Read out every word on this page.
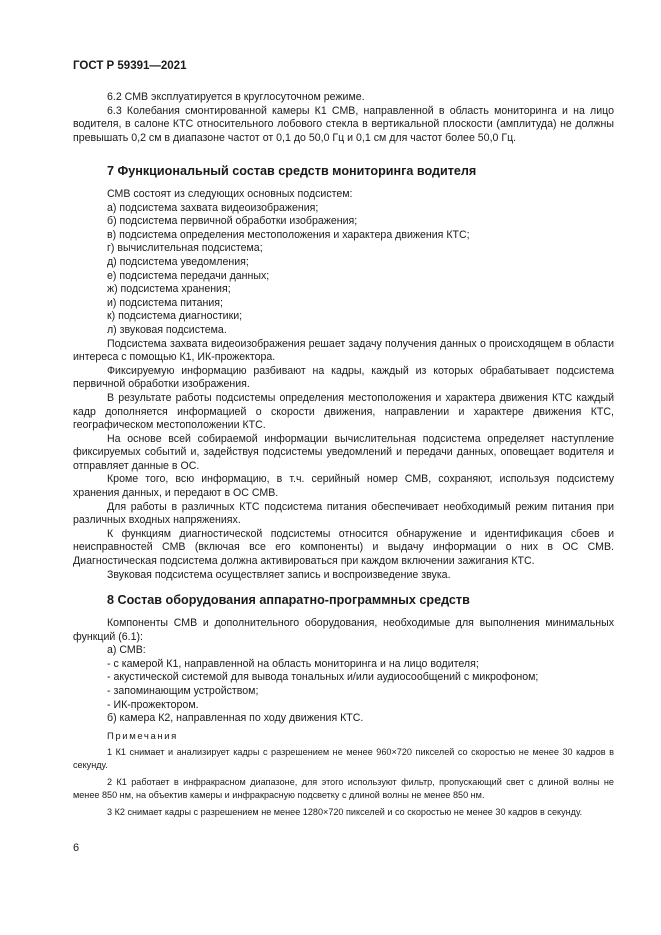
ГОСТ Р 59391—2021

6.2 СМВ эксплуатируется в круглосуточном режиме.

6.3 Колебания смонтированной камеры К1 СМВ, направленной в область мониторинга и на лицо водителя, в салоне КТС относительного лобового стекла в вертикальной плоскости (амплитуда) не должны превышать 0,2 см в диапазоне частот от 0,1 до 50,0 Гц и 0,1 см для частот более 50,0 Гц.

7 Функциональный состав средств мониторинга водителя

СМВ состоят из следующих основных подсистем:

а) подсистема захвата видеоизображения;

б) подсистема первичной обработки изображения;

в) подсистема определения местоположения и характера движения КТС;

г) вычислительная подсистема;

д) подсистема уведомления;

е) подсистема передачи данных;

ж) подсистема хранения;

и) подсистема питания;

к) подсистема диагностики;

л) звуковая подсистема.

Подсистема захвата видеоизображения решает задачу получения данных о происходящем в области интереса с помощью К1, ИК-прожектора.

Фиксируемую информацию разбивают на кадры, каждый из которых обрабатывает подсистема первичной обработки изображения.

В результате работы подсистемы определения местоположения и характера движения КТС каждый кадр дополняется информацией о скорости движения, направлении и характере движения КТС, географическом местоположении КТС.

На основе всей собираемой информации вычислительная подсистема определяет наступление фиксируемых событий и, задействуя подсистемы уведомлений и передачи данных, оповещает водителя и отправляет данные в ОС.

Кроме того, всю информацию, в т.ч. серийный номер СМВ, сохраняют, используя подсистему хранения данных, и передают в ОС СМВ.

Для работы в различных КТС подсистема питания обеспечивает необходимый режим питания при различных входных напряжениях.

К функциям диагностической подсистемы относится обнаружение и идентификация сбоев и неисправностей СМВ (включая все его компоненты) и выдачу информации о них в ОС СМВ. Диагностическая подсистема должна активироваться при каждом включении зажигания КТС.

Звуковая подсистема осуществляет запись и воспроизведение звука.

8 Состав оборудования аппаратно-программных средств

Компоненты СМВ и дополнительного оборудования, необходимые для выполнения минимальных функций (6.1):

а) СМВ:

- с камерой К1, направленной на область мониторинга и на лицо водителя;

- акустической системой для вывода тональных и/или аудиосообщений с микрофоном;

- запоминающим устройством;

- ИК-прожектором.

б) камера К2, направленная по ходу движения КТС.

Примечания

1 К1 снимает и анализирует кадры с разрешением не менее 960×720 пикселей со скоростью не менее 30 кадров в секунду.

2 К1 работает в инфракрасном диапазоне, для этого используют фильтр, пропускающий свет с длиной волны не менее 850 нм, на объектив камеры и инфракрасную подсветку с длиной волны не менее 850 нм.

3 К2 снимает кадры с разрешением не менее 1280×720 пикселей и со скоростью не менее 30 кадров в секунду.

6
